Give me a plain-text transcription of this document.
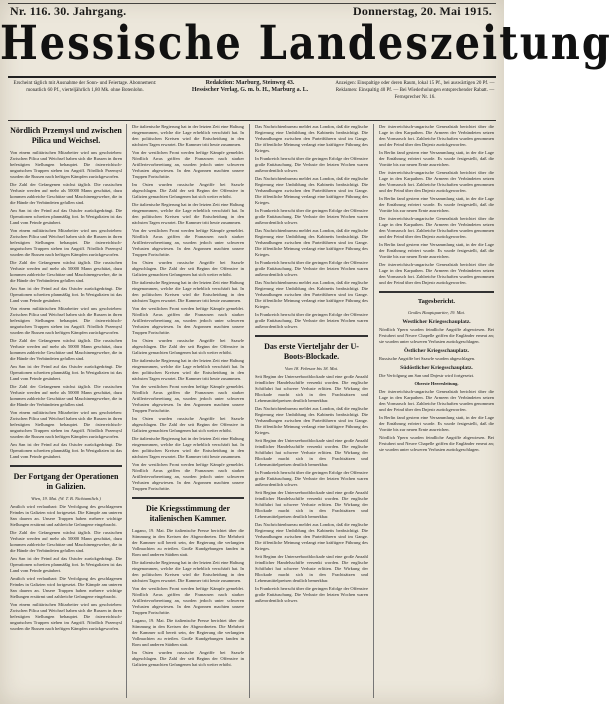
Nr. 116. 30. Jahrgang.	Donnerstag, 20. Mai 1915.
Hessische Landeszeitung
Erscheint täglich mit Ausnahme der Sonn- und Feiertage. Abonnement: monatlich 60 Pf., vierteljährlich 1,80 Mk. ohne Botenlohn.
Redaktion: Marburg, Steinweg 43.
Hessischer Verlag, G. m. b. H., Marburg a. L.
Anzeigen: Einspaltige oder deren Raum, lokal 15 Pf., bei auswärtigen 20 Pf. — Reklamen: Einspaltig 40 Pf. — Bei Wiederholungen entsprechender Rabatt. — Fernsprecher Nr. 16.
Nördlich Przemysl und zwischen Pilica und Weichsel.

Von einem militärischen Mitarbeiter wird uns geschrieben: Zwischen Pilica und Weichsel haben sich die Russen in ihren befestigten Stellungen behauptet. Die österreichisch-ungarischen Truppen stehen im Angriff. Nördlich Przemysl wurden die Russen nach heftigen Kämpfen zurückgeworfen.

Die Zahl der Gefangenen wächst täglich. Die russischen Verluste werden auf mehr als 50000 Mann geschätzt, dazu kommen zahlreiche Geschütze und Maschinengewehre, die in die Hände der Verbündeten gefallen sind.

Am San ist der Feind auf das Ostufer zurückgedrängt. Die Operationen schreiten planmäßig fort. In Westgalizien ist das Land vom Feinde gesäubert.

Von einem militärischen Mitarbeiter wird uns geschrieben: Zwischen Pilica und Weichsel haben sich die Russen in ihren befestigten Stellungen behauptet. Die österreichisch-ungarischen Truppen stehen im Angriff. Nördlich Przemysl wurden die Russen nach heftigen Kämpfen zurückgeworfen.

Die Zahl der Gefangenen wächst täglich. Die russischen Verluste werden auf mehr als 50000 Mann geschätzt, dazu kommen zahlreiche Geschütze und Maschinengewehre, die in die Hände der Verbündeten gefallen sind.

Am San ist der Feind auf das Ostufer zurückgedrängt. Die Operationen schreiten planmäßig fort. In Westgalizien ist das Land vom Feinde gesäubert.

Von einem militärischen Mitarbeiter wird uns geschrieben: Zwischen Pilica und Weichsel haben sich die Russen in ihren befestigten Stellungen behauptet. Die österreichisch-ungarischen Truppen stehen im Angriff. Nördlich Przemysl wurden die Russen nach heftigen Kämpfen zurückgeworfen.

Die Zahl der Gefangenen wächst täglich. Die russischen Verluste werden auf mehr als 50000 Mann geschätzt, dazu kommen zahlreiche Geschütze und Maschinengewehre, die in die Hände der Verbündeten gefallen sind.

Am San ist der Feind auf das Ostufer zurückgedrängt. Die Operationen schreiten planmäßig fort. In Westgalizien ist das Land vom Feinde gesäubert.

Die Zahl der Gefangenen wächst täglich. Die russischen Verluste werden auf mehr als 50000 Mann geschätzt, dazu kommen zahlreiche Geschütze und Maschinengewehre, die in die Hände der Verbündeten gefallen sind.

Von einem militärischen Mitarbeiter wird uns geschrieben: Zwischen Pilica und Weichsel haben sich die Russen in ihren befestigten Stellungen behauptet. Die österreichisch-ungarischen Truppen stehen im Angriff. Nördlich Przemysl wurden die Russen nach heftigen Kämpfen zurückgeworfen.

Am San ist der Feind auf das Ostufer zurückgedrängt. Die Operationen schreiten planmäßig fort. In Westgalizien ist das Land vom Feinde gesäubert.

Der Fortgang der Operationen in Galizien.
Wien, 19. Mai. (W. T. B. Nichtamtlich.)

Amtlich wird verlautbart: Die Verfolgung des geschlagenen Feindes in Galizien wird fortgesetzt. Die Kämpfe am unteren San dauern an. Unsere Truppen haben mehrere wichtige Stellungen erstürmt und zahlreiche Gefangene eingebracht.

Die Zahl der Gefangenen wächst täglich. Die russischen Verluste werden auf mehr als 50000 Mann geschätzt, dazu kommen zahlreiche Geschütze und Maschinengewehre, die in die Hände der Verbündeten gefallen sind.

Am San ist der Feind auf das Ostufer zurückgedrängt. Die Operationen schreiten planmäßig fort. In Westgalizien ist das Land vom Feinde gesäubert.

Amtlich wird verlautbart: Die Verfolgung des geschlagenen Feindes in Galizien wird fortgesetzt. Die Kämpfe am unteren San dauern an. Unsere Truppen haben mehrere wichtige Stellungen erstürmt und zahlreiche Gefangene eingebracht.

Von einem militärischen Mitarbeiter wird uns geschrieben: Zwischen Pilica und Weichsel haben sich die Russen in ihren befestigten Stellungen behauptet. Die österreichisch-ungarischen Truppen stehen im Angriff. Nördlich Przemysl wurden die Russen nach heftigen Kämpfen zurückgeworfen.

Die italienische Regierung hat in der letzten Zeit eine Haltung eingenommen, welche die Lage erheblich verschärft hat. In den politischen Kreisen wird die Entscheidung in den nächsten Tagen erwartet. Die Kammer tritt heute zusammen.

Von der westlichen Front werden heftige Kämpfe gemeldet. Nördlich Arras griffen die Franzosen nach starker Artillerievorbereitung an, wurden jedoch unter schweren Verlusten abgewiesen. In den Argonnen machten unsere Truppen Fortschritte.

Im Osten wurden russische Angriffe bei Szawle abgeschlagen. Die Zahl der seit Beginn der Offensive in Galizien gemachten Gefangenen hat sich weiter erhöht.

Die italienische Regierung hat in der letzten Zeit eine Haltung eingenommen, welche die Lage erheblich verschärft hat. In den politischen Kreisen wird die Entscheidung in den nächsten Tagen erwartet. Die Kammer tritt heute zusammen.

Von der westlichen Front werden heftige Kämpfe gemeldet. Nördlich Arras griffen die Franzosen nach starker Artillerievorbereitung an, wurden jedoch unter schweren Verlusten abgewiesen. In den Argonnen machten unsere Truppen Fortschritte.

Im Osten wurden russische Angriffe bei Szawle abgeschlagen. Die Zahl der seit Beginn der Offensive in Galizien gemachten Gefangenen hat sich weiter erhöht.

Die italienische Regierung hat in der letzten Zeit eine Haltung eingenommen, welche die Lage erheblich verschärft hat. In den politischen Kreisen wird die Entscheidung in den nächsten Tagen erwartet. Die Kammer tritt heute zusammen.

Von der westlichen Front werden heftige Kämpfe gemeldet. Nördlich Arras griffen die Franzosen nach starker Artillerievorbereitung an, wurden jedoch unter schweren Verlusten abgewiesen. In den Argonnen machten unsere Truppen Fortschritte.

Im Osten wurden russische Angriffe bei Szawle abgeschlagen. Die Zahl der seit Beginn der Offensive in Galizien gemachten Gefangenen hat sich weiter erhöht.

Die italienische Regierung hat in der letzten Zeit eine Haltung eingenommen, welche die Lage erheblich verschärft hat. In den politischen Kreisen wird die Entscheidung in den nächsten Tagen erwartet. Die Kammer tritt heute zusammen.

Von der westlichen Front werden heftige Kämpfe gemeldet. Nördlich Arras griffen die Franzosen nach starker Artillerievorbereitung an, wurden jedoch unter schweren Verlusten abgewiesen. In den Argonnen machten unsere Truppen Fortschritte.

Im Osten wurden russische Angriffe bei Szawle abgeschlagen. Die Zahl der seit Beginn der Offensive in Galizien gemachten Gefangenen hat sich weiter erhöht.

Die italienische Regierung hat in der letzten Zeit eine Haltung eingenommen, welche die Lage erheblich verschärft hat. In den politischen Kreisen wird die Entscheidung in den nächsten Tagen erwartet. Die Kammer tritt heute zusammen.

Von der westlichen Front werden heftige Kämpfe gemeldet. Nördlich Arras griffen die Franzosen nach starker Artillerievorbereitung an, wurden jedoch unter schweren Verlusten abgewiesen. In den Argonnen machten unsere Truppen Fortschritte.

Die Kriegsstimmung der italienischen Kammer.

Lugano, 19. Mai. Die italienische Presse berichtet über die Stimmung in den Kreisen der Abgeordneten. Die Mehrheit der Kammer soll bereit sein, der Regierung die verlangten Vollmachten zu erteilen. Große Kundgebungen fanden in Rom und anderen Städten statt.

Die italienische Regierung hat in der letzten Zeit eine Haltung eingenommen, welche die Lage erheblich verschärft hat. In den politischen Kreisen wird die Entscheidung in den nächsten Tagen erwartet. Die Kammer tritt heute zusammen.

Von der westlichen Front werden heftige Kämpfe gemeldet. Nördlich Arras griffen die Franzosen nach starker Artillerievorbereitung an, wurden jedoch unter schweren Verlusten abgewiesen. In den Argonnen machten unsere Truppen Fortschritte.

Lugano, 19. Mai. Die italienische Presse berichtet über die Stimmung in den Kreisen der Abgeordneten. Die Mehrheit der Kammer soll bereit sein, der Regierung die verlangten Vollmachten zu erteilen. Große Kundgebungen fanden in Rom und anderen Städten statt.

Im Osten wurden russische Angriffe bei Szawle abgeschlagen. Die Zahl der seit Beginn der Offensive in Galizien gemachten Gefangenen hat sich weiter erhöht.

Das Nachrichtenbureau meldet aus London, daß die englische Regierung eine Umbildung des Kabinetts beabsichtigt. Die Verhandlungen zwischen den Parteiführern sind im Gange. Die öffentliche Meinung verlangt eine kräftigere Führung des Krieges.

In Frankreich herrscht über die geringen Erfolge der Offensive große Enttäuschung. Die Verluste der letzten Wochen waren außerordentlich schwer.

Das Nachrichtenbureau meldet aus London, daß die englische Regierung eine Umbildung des Kabinetts beabsichtigt. Die Verhandlungen zwischen den Parteiführern sind im Gange. Die öffentliche Meinung verlangt eine kräftigere Führung des Krieges.

In Frankreich herrscht über die geringen Erfolge der Offensive große Enttäuschung. Die Verluste der letzten Wochen waren außerordentlich schwer.

Das Nachrichtenbureau meldet aus London, daß die englische Regierung eine Umbildung des Kabinetts beabsichtigt. Die Verhandlungen zwischen den Parteiführern sind im Gange. Die öffentliche Meinung verlangt eine kräftigere Führung des Krieges.

In Frankreich herrscht über die geringen Erfolge der Offensive große Enttäuschung. Die Verluste der letzten Wochen waren außerordentlich schwer.

Das Nachrichtenbureau meldet aus London, daß die englische Regierung eine Umbildung des Kabinetts beabsichtigt. Die Verhandlungen zwischen den Parteiführern sind im Gange. Die öffentliche Meinung verlangt eine kräftigere Führung des Krieges.

In Frankreich herrscht über die geringen Erfolge der Offensive große Enttäuschung. Die Verluste der letzten Wochen waren außerordentlich schwer.

Das erste Vierteljahr der U-Boots-Blockade.
Vom 18. Februar bis 18. Mai.

Seit Beginn der Unterseebootblockade sind eine große Anzahl feindlicher Handelsschiffe versenkt worden. Die englische Schiffahrt hat schwere Verluste erlitten. Die Wirkung der Blockade macht sich in den Frachtsätzen und Lebensmittelpreisen deutlich bemerkbar.

Das Nachrichtenbureau meldet aus London, daß die englische Regierung eine Umbildung des Kabinetts beabsichtigt. Die Verhandlungen zwischen den Parteiführern sind im Gange. Die öffentliche Meinung verlangt eine kräftigere Führung des Krieges.

Seit Beginn der Unterseebootblockade sind eine große Anzahl feindlicher Handelsschiffe versenkt worden. Die englische Schiffahrt hat schwere Verluste erlitten. Die Wirkung der Blockade macht sich in den Frachtsätzen und Lebensmittelpreisen deutlich bemerkbar.

In Frankreich herrscht über die geringen Erfolge der Offensive große Enttäuschung. Die Verluste der letzten Wochen waren außerordentlich schwer.

Seit Beginn der Unterseebootblockade sind eine große Anzahl feindlicher Handelsschiffe versenkt worden. Die englische Schiffahrt hat schwere Verluste erlitten. Die Wirkung der Blockade macht sich in den Frachtsätzen und Lebensmittelpreisen deutlich bemerkbar.

Das Nachrichtenbureau meldet aus London, daß die englische Regierung eine Umbildung des Kabinetts beabsichtigt. Die Verhandlungen zwischen den Parteiführern sind im Gange. Die öffentliche Meinung verlangt eine kräftigere Führung des Krieges.

Seit Beginn der Unterseebootblockade sind eine große Anzahl feindlicher Handelsschiffe versenkt worden. Die englische Schiffahrt hat schwere Verluste erlitten. Die Wirkung der Blockade macht sich in den Frachtsätzen und Lebensmittelpreisen deutlich bemerkbar.

In Frankreich herrscht über die geringen Erfolge der Offensive große Enttäuschung. Die Verluste der letzten Wochen waren außerordentlich schwer.

Der österreichisch-ungarische Generalstab berichtet über die Lage in den Karpathen. Die Armeen der Verbündeten setzen den Vormarsch fort. Zahlreiche Ortschaften wurden genommen und der Feind über den Dnjestr zurückgeworfen.

In Berlin fand gestern eine Versammlung statt, in der die Lage der Ernährung erörtert wurde. Es wurde festgestellt, daß die Vorräte bis zur neuen Ernte ausreichen.

Der österreichisch-ungarische Generalstab berichtet über die Lage in den Karpathen. Die Armeen der Verbündeten setzen den Vormarsch fort. Zahlreiche Ortschaften wurden genommen und der Feind über den Dnjestr zurückgeworfen.

In Berlin fand gestern eine Versammlung statt, in der die Lage der Ernährung erörtert wurde. Es wurde festgestellt, daß die Vorräte bis zur neuen Ernte ausreichen.

Der österreichisch-ungarische Generalstab berichtet über die Lage in den Karpathen. Die Armeen der Verbündeten setzen den Vormarsch fort. Zahlreiche Ortschaften wurden genommen und der Feind über den Dnjestr zurückgeworfen.

In Berlin fand gestern eine Versammlung statt, in der die Lage der Ernährung erörtert wurde. Es wurde festgestellt, daß die Vorräte bis zur neuen Ernte ausreichen.

Der österreichisch-ungarische Generalstab berichtet über die Lage in den Karpathen. Die Armeen der Verbündeten setzen den Vormarsch fort. Zahlreiche Ortschaften wurden genommen und der Feind über den Dnjestr zurückgeworfen.

Tagesbericht.
Großes Hauptquartier, 19. Mai.
Westlicher Kriegsschauplatz.

Nördlich Ypern wurden feindliche Angriffe abgewiesen. Bei Festubert und Neuve Chapelle griffen die Engländer erneut an; sie wurden unter schweren Verlusten zurückgeschlagen.

Östlicher Kriegsschauplatz.

Russische Angriffe bei Szawle wurden abgeschlagen.

Südöstlicher Kriegsschauplatz.

Die Verfolgung am San und Dnjestr wird fortgesetzt.

Oberste Heeresleitung.

Der österreichisch-ungarische Generalstab berichtet über die Lage in den Karpathen. Die Armeen der Verbündeten setzen den Vormarsch fort. Zahlreiche Ortschaften wurden genommen und der Feind über den Dnjestr zurückgeworfen.

In Berlin fand gestern eine Versammlung statt, in der die Lage der Ernährung erörtert wurde. Es wurde festgestellt, daß die Vorräte bis zur neuen Ernte ausreichen.

Nördlich Ypern wurden feindliche Angriffe abgewiesen. Bei Festubert und Neuve Chapelle griffen die Engländer erneut an; sie wurden unter schweren Verlusten zurückgeschlagen.
